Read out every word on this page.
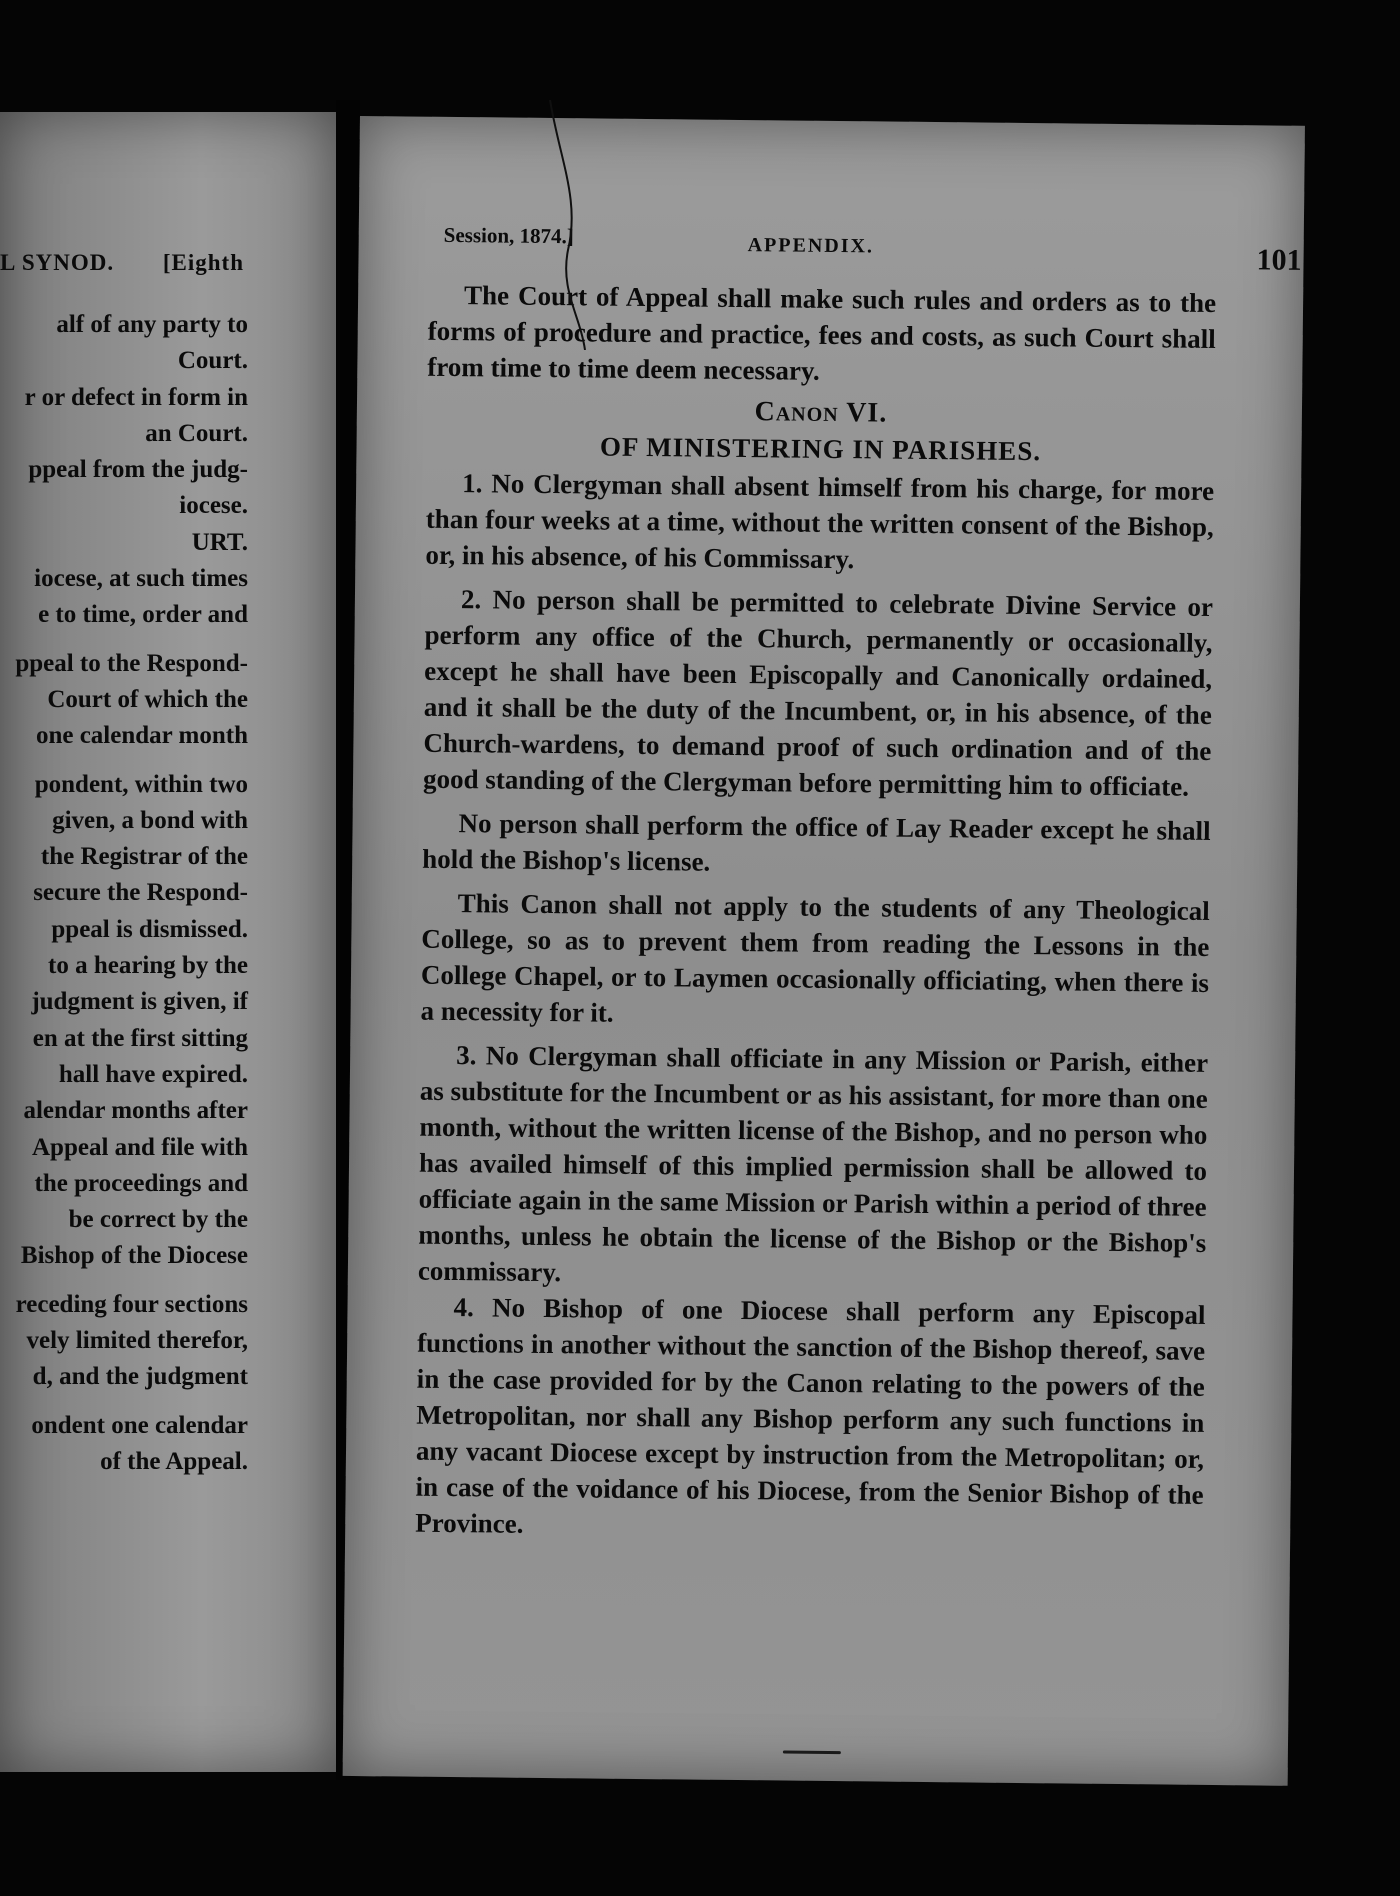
L SYNOD. [Eighth
alf of any party to
Court.
r or defect in form in
an Court.
ppeal from the judg-
iocese.
URT.
iocese, at such times
e to time, order and
ppeal to the Respond-
Court of which the
one calendar month
pondent, within two
given, a bond with
the Registrar of the
secure the Respond-
ppeal is dismissed.
to a hearing by the
judgment is given, if
en at the first sitting
hall have expired.
alendar months after
Appeal and file with
the proceedings and
be correct by the
Bishop of the Diocese
receding four sections
vely limited therefor,
d, and the judgment
ondent one calendar
of the Appeal.
Session, 1874.]	APPENDIX.	101

The Court of Appeal shall make such rules and orders as to the forms of procedure and practice, fees and costs, as such Court shall from time to time deem necessary.

Canon VI.
OF MINISTERING IN PARISHES.

1. No Clergyman shall absent himself from his charge, for more than four weeks at a time, without the written consent of the Bishop, or, in his absence, of his Commissary.

2. No person shall be permitted to celebrate Divine Service or perform any office of the Church, permanently or occasionally, except he shall have been Episcopally and Canonically ordained, and it shall be the duty of the Incumbent, or, in his absence, of the Church-wardens, to demand proof of such ordination and of the good standing of the Clergyman before permitting him to officiate.

No person shall perform the office of Lay Reader except he shall hold the Bishop's license.

This Canon shall not apply to the students of any Theological College, so as to prevent them from reading the Lessons in the College Chapel, or to Laymen occasionally officiating, when there is a necessity for it.

3. No Clergyman shall officiate in any Mission or Parish, either as substitute for the Incumbent or as his assistant, for more than one month, without the written license of the Bishop, and no person who has availed himself of this implied permission shall be allowed to officiate again in the same Mission or Parish within a period of three months, unless he obtain the license of the Bishop or the Bishop's commissary.

4. No Bishop of one Diocese shall perform any Episcopal functions in another without the sanction of the Bishop thereof, save in the case provided for by the Canon relating to the powers of the Metropolitan, nor shall any Bishop perform any such functions in any vacant Diocese except by instruction from the Metropolitan; or, in case of the voidance of his Diocese, from the Senior Bishop of the Province.
